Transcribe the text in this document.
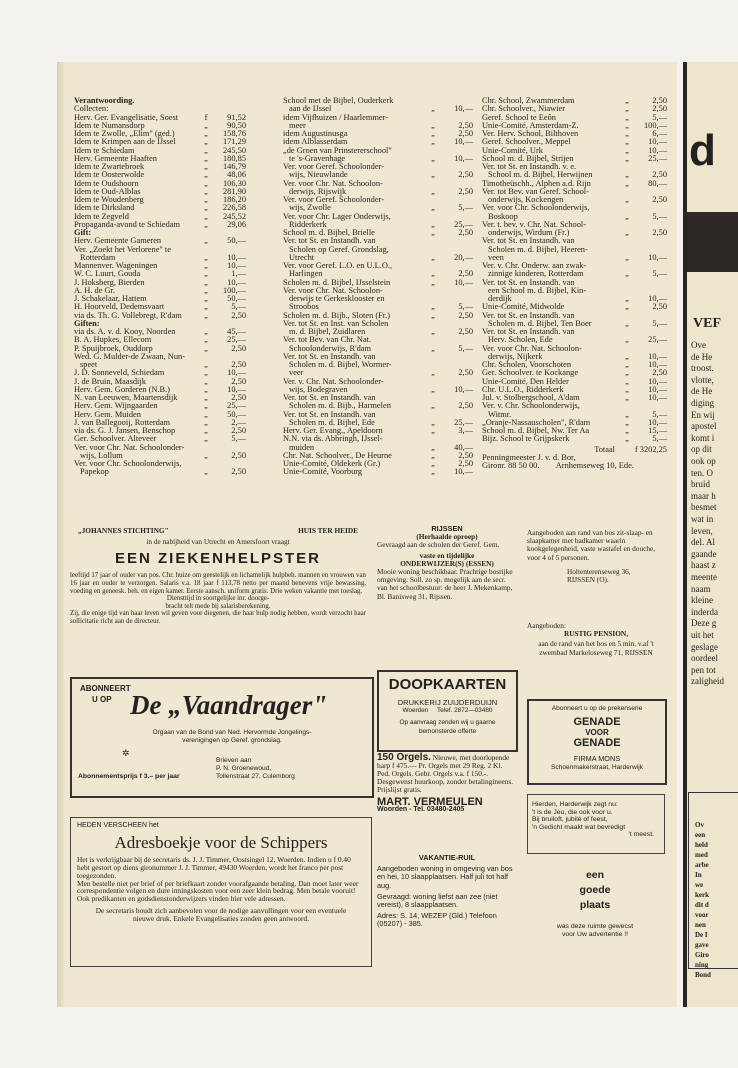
Verantwoording.
Collecten:
Herv. Ger. Evangelisatie, Soest	f	91,52
Idem te Numansdorp	„	90,50
Idem te Zwolle, „Elim" (ged.)	„	158,76
Idem te Krimpen aan de IJssel	„	171,29
Idem te Schiedam	„	245,50
Herv. Gemeente Haaften	„	180,85
Idem te Zwartebroek	„	146,79
Idem te Oosterwolde	„	48,06
Idem te Oudshoorn	„	106,30
Idem te Oud-Alblas	„	281,90
Idem te Woudenberg	„	186,20
Idem te Dirksland	„	226,58
Idem te Zegveld	„	245,52
Propaganda-avond te Schiedam	„	29,06
Gift:
Herv. Gemeente Gameren	„	50,—
Ver. „Zoekt het Verlorene" te
Rotterdam	„	10,—
Mannenver. Wageningen	„	10,—
W. C. Luurt, Gouda	„	1,—
J. Hoksberg, Bierden	„	10,—
A. H. de Gr.	„	100,—
J. Schakelaar, Hattem	„	50,—
H. Hoorveld, Dedemsvaart	„	5,—
via ds. Th. G. Vollebregt, R'dam	„	2,50
Giften:
via ds. A. v. d. Kooy, Noorden	„	45,—
B. A. Hupkes, Ellecom	„	25,—
P. Spuijbroek, Ouddorp	„	2,50
Wed. G. Mulder-de Zwaan, Nun-
speet	„	2,50
J. D. Sonneveld, Schiedam	„	10,—
J. de Bruin, Maasdijk	„	2,50
Herv. Gem. Gorderen (N.B.)	„	10,—
N. van Leeuwen, Maartensdijk	„	2,50
Herv. Gem. Wijngaarden	„	25,—
Herv. Gem. Muiden	„	50,—
J. van Ballegooij, Rotterdam	„	2,—
via ds. G. J. Jansen, Benschop	„	2,50
Ger. Schoolver. Alteveer	„	5,—
Ver. voor Chr. Nat. Schoolonder-
wijs, Lollum	„	2,50
Ver. voor Chr. Schoolonderwijs,
Papekop	„	2,50
School met de Bijbel, Ouderkerk
aan de IJssel	„	10,—
idem Vijfhuizen / Haarlemmer-
meer	„	2,50
idem Augustinusga	„	2,50
idem Alblasserdam	„	10,—
„de Groen van Prinstererschool"
te 's-Gravenhage	„	10,—
Ver. voor Geref. Schoolonder-
wijs, Nieuwlande	„	2,50
Ver. voor Chr. Nat. Schoolon-
derwijs, Rijswijk	„	2,50
Ver. voor Geref. Schoolonder-
wijs, Zwolle	„	5,—
Ver. voor Chr. Lager Onderwijs,
Ridderkerk	„	25,—
School m. d. Bijbel, Brielle	„	2,50
Ver. tot St. en Instandh. van
Scholen op Geref. Grondslag,
Utrecht	„	20,—
Ver. voor Geref. L.O. en U.L.O.,
Harlingen	„	2,50
Scholen m. d. Bijbel, IJsselstein	„	10,—
Ver. voor Chr. Nat. Schoolon-
derwijs te Gerkesklooster en
Stroobos	„	5,—
Scholen m. d. Bijb., Sloten (Fr.)	„	2,50
Ver. tot St. en Inst. van Scholen
m. d. Bijbel, Zuidlaren	„	2,50
Ver. tot Bev. van Chr. Nat.
Schoolonderwijs, R'dam	„	5,—
Ver. tot St. en Instandh. van
Scholen m. d. Bijbel, Wormer-
veer	„	2,50
Ver. v. Chr. Nat. Schoolonder-
wijs, Bodegraven	„	10,—
Ver. tot St. en Instandh. van
Scholen m. d. Bijb., Harmelen	„	2,50
Ver. tot St. en Instandh. van
Scholen m. d. Bijbel, Ede	„	25,—
Herv. Ger. Evang., Apeldoorn	„	3,—
N.N. via ds. Abbringh, IJssel-
muiden	„	40,—
Chr. Nat. Schoolver., De Heurne	„	2,50
Unie-Comité, Oldekerk (Gr.)	„	2,50
Unie-Comité, Voorburg	„	10,—
Chr. School, Zwammerdam	„	2,50
Chr. Schoolver., Niawier	„	2,50
Geref. School te Eeôn	„	5,—
Unie-Comité, Amsterdam-Z.	„	100,—
Ver. Herv. School, Bilthoven	„	6,—
Geref. Schoolver., Meppel	„	10,—
Unie-Comité, Urk	„	10,—
School m. d. Bijbel, Strijen	„	25,—
Ver. tot St. en Instandh. v. e.
School m. d. Bijbel, Herwijnen	„	2,50
Timotheüschh., Alphen a.d. Rijn	„	80,—
Ver. tot Bev. van Geref. School-
onderwijs, Kockengen	„	2,50
Ver. voor Chr. Schoolonderwijs,
Boskoop	„	5,—
Ver. t. bev. v. Chr. Nat. School-
onderwijs, Wirdum (Fr.)	„	2,50
Ver. tot St. en Instandh. van
Scholen m. d. Bijbel, Heeren-
veen	„	10,—
Ver. v. Chr. Onderw. aan zwak-
zinnige kinderen, Rotterdam	„	5,—
Ver. tot St. en Instandh. van
een School m. d. Bijbel, Kin-
derdijk	„	10,—
Unie-Comité, Midwolde	„	2,50
Ver. tot St. en Instandh. van
Scholen m. d. Bijbel, Ten Boer	„	5,—
Ver. tot St. en Instandh. van
Herv. Scholen, Ede	„	25,—
Ver. voor Chr. Nat. Schoolon-
derwijs, Nijkerk	„	10,—
Chr. Scholen, Voorschoten	„	10,—
Ger. Schoolver. te Kockange	„	2,50
Unie-Comité, Den Helder	„	10,—
Chr. U.L.O., Ridderkerk	„	10,—
Jul. v. Stolbergschool, A'dam	„	10,—
Ver. v. Chr. Schoolonderwijs,
Witmr.	„	5,—
„Oranje-Nassauscholen", R'dam	„	10,—
School m. d. Bijbel, Nw. Ter Aa	„	15,—
Bijz. School te Grijpskerk	„	5,—
Totaal	f 3202,25
Penningmeester J. v. d. Bor,
Gironr. 88 50 00.        Arnhemseweg 10, Ede.
„JOHANNES STICHTING"	HUIS TER HEIDE
in de nabijheid van Utrecht en Amersfoort vraagt
EEN ZIEKENHELPSTER
leeftijd 17 jaar of ouder van pos. Chr. huize om geestelijk en lichamelijk hulpbeh. mannen en vrouwen van 16 jaar en ouder te verzorgen. Salaris v.a. 18 jaar f 113,78 netto per maand benevens vrije bewassing, voeding en geneesk. beh. en eigen kamer. Eerste aansch. uniform gratis. Drie weken vakantie met toeslag.
Diensttijd in soortgelijke inr. doorge-
bracht telt mede bij salarisberekening.
Zij, die enige tijd van haar leven wil geven voor diegenen, die haar hulp nodig hebben, wordt verzocht haar sollicitatie richt aan de directeur.
ABONNEERT
U OP De „Vaandrager"
Orgaan van de Bond van Ned. Hervormde Jongelings-
verenigingen op Geref. grondslag.
✲
Abonnementsprijs f 3.– per jaar
Brieven aan
P. N. Groenewoud,
Tollenstraat 27, Culemborg
HEDEN VERSCHEEN het
Adresboekje voor de Schippers
Het is verkrijgbaar bij de secretaris ds. J. J. Timmer, Oostsingel 12, Woerden. Indien u f 0.40 hebt gestort op diens gironummer J. J. Timmer, 49430 Woerden, wordt het franco per post toegezonden.
Men bestelle niet per brief of per briefkaart zonder voorafgaande betaling. Dan moet later weer correspondentie volgen en dure inningskosten voor een zeer klein bedrag. Men betale vooruit! Ook predikanten en godsdienstonderwijzers vinden hier vele adressen.
De secretaris houdt zich aanbevolen voor de nodige aanvullingen voor een eventuele nieuwe druk. Enkele Evangelisaties zonden geen antwoord.
RIJSSEN
(Herhaalde oproep)
Gevraagd aan de scholen der Geref. Gem.
vaste en tijdelijke
ONDERWIJZER(S) (ESSEN)
Mooie woning beschikbaar. Prachtige bosrijke omgeving. Soll. zo sp. mogelijk aan de secr. van het schoolbestuur: de heer J. Mekenkamp, Bl. Banisweg 31, Rijssen.
DOOPKAARTEN
DRUKKERIJ ZUIJDERDUIJN
Woerden     Telef. 2872—03480
Op aanvraag zenden wij u gaarne bemonsterde offerte
150 Orgels. Nieuwe, met doorlopende harp f 475.— Pr. Orgels met 29 Reg. 2 Kl. Ped. Orgels. Gebr. Orgels v.a. f 150.-. Desgewenst huurkoop, zonder betalingineens. Prijslijst gratis.
MART. VERMEULEN
Woorden - Tel. 03480-2405
VAKANTIE-RUIL
Aangeboden woning in omgeving van bos en hei, 10 slaapplaatsen. Half juli tot half aug.
Gevraagd: woning liefst aan zee (niet vereist), 8 slaapplaatsen.
Adres: S. 14, WEZEP (Gld.) Telefoon (05207) - 385.
Aangeboden aan rand van bos zit-slaap- en slaapkamer met badkamer waarin kookgelegenheid, vaste wastafel en douche, voor 4 of 5 personen.
Holtenterenseweg 36,
RIJSSEN (O).
Aangeboden:
RUSTIG PENSION,
aan de rand van het bos en 5 min. v.af 't zwembad Markeloseweg 71, RIJSSEN
Abonneert u op de prekenserie
GENADE
VOOR
GENADE
FIRMA MONS
Schoenmakerstraat, Harderwijk
Hierden, Harderwijk zegt nu:
't is de Jeu, die ook voor u.
Bij bruiloft, jubilé of feest,
'n Gedicht maakt wat bevredigt
't meest.
een
goede
plaats
was deze ruimte gewecst
voor Uw advertentie !!
d
VEF
Ove
de He
troost.
vlotte,
de He
diging
En wij
apostel
komt i
op dit
ook op
ten. O
bruid
maar h
besmet
wat in
leven,
del. Al
gaande
haast z
meente
naam
kleine
inderda
Deze g
uit het
geslage
oordeel
pen tot
zaligheid
Ov
een
held
med
arbe
In
we
kerk
dit d
voor
nen
De I
gave
Giro
ning
Bond
